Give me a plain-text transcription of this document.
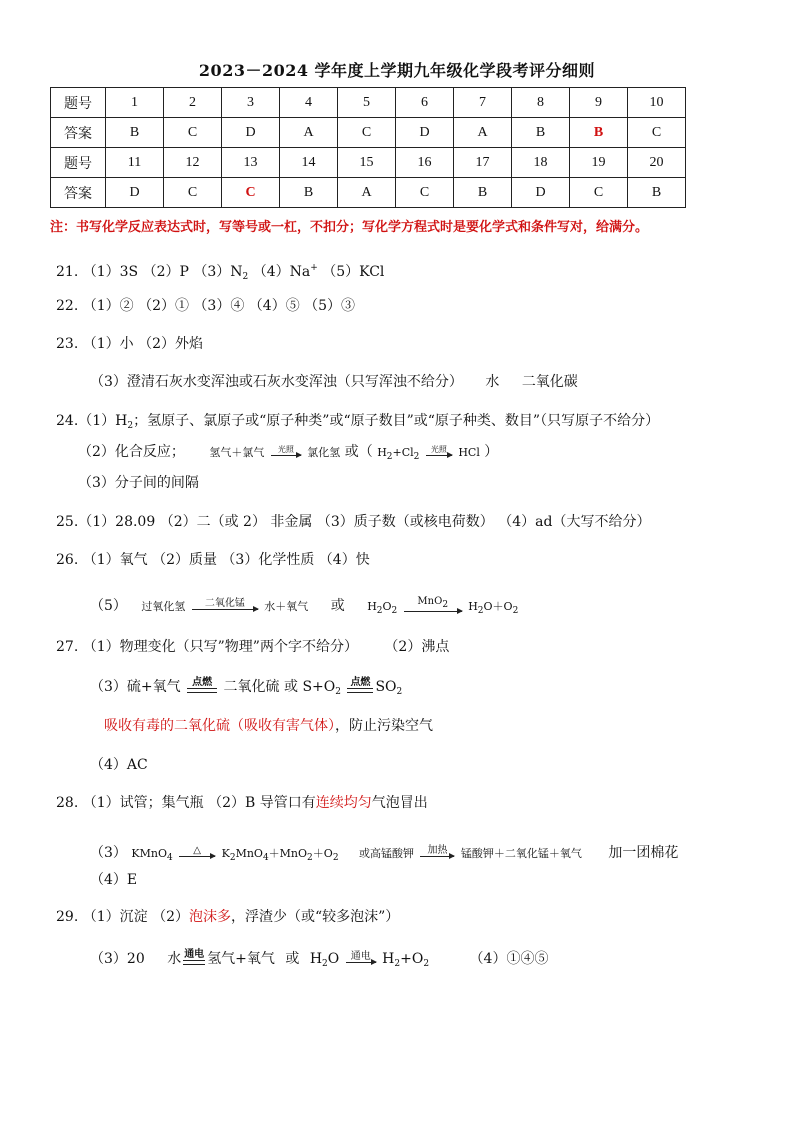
2023－2024 学年度上学期九年级化学段考评分细则
题号	1	2	3	4	5	6	7	8	9	10
答案	B	C	D	A	C	D	A	B	B	C
题号	11	12	13	14	15	16	17	18	19	20
答案	D	C	C	B	A	C	B	D	C	B
注：书写化学反应表达式时，写等号或一杠，不扣分；写化学方程式时是要化学式和条件写对，给满分。
21. （1）3S （2）P $(3)N_2$ （4）Na+ （5）KCl
22. （1）② （2）① （3）④ （4）⑤ （5）③
23. （1）小 （2）外焰
（3）澄清石灰水变浑浊或石灰水变浑浊（只写浑浊不给分） 水 二氧化碳
$24.(1)H_2$；氢原子、氯原子或“原子种类”或“原子数目”或“原子种类、数目”（只写原子不给分）
（2）化合反应； 氢气＋氯气 光照 氯化氢 或（ $H_2+Cl_2$
光照 HCl ）
（3）分子间的间隔
25.（1）28.09 （2）二（或 2） 非金属 （3）质子数（或核电荷数） （4）ad（大写不给分）
26. （1）氧气 （2）质量 （3）化学性质 （4）快
（5） 过氧化氢 二氧化锰 水＋氧气 或 $H_2O_2$
MnO2 $H_2O+O_2$
27. （1）物理变化（只写”物理”两个字不给分） （2）沸点
（3）硫+氧气 点燃 二氧化硫 或 $S+O_2$
点燃 $SO_2$
吸收有毒的二氧化硫（吸收有害气体），防止污染空气
（4）AC
28. （1）试管；集气瓶 （2）B 导管口有连续均匀气泡冒出
（3） KMnO$_4$
△ $K_2MnO_4+MnO_2+O_2$ 或高锰酸钾 加热 锰酸钾＋二氧化锰＋氧气 加一团棉花
（4）E
29. （1）沉淀 （2）泡沫多，浮渣少（或“较多泡沫”）
（3）20 水 通电 氢气+氧气 或 $H_2O$ 通电 $H_2+O_2$	（4）①④⑤
